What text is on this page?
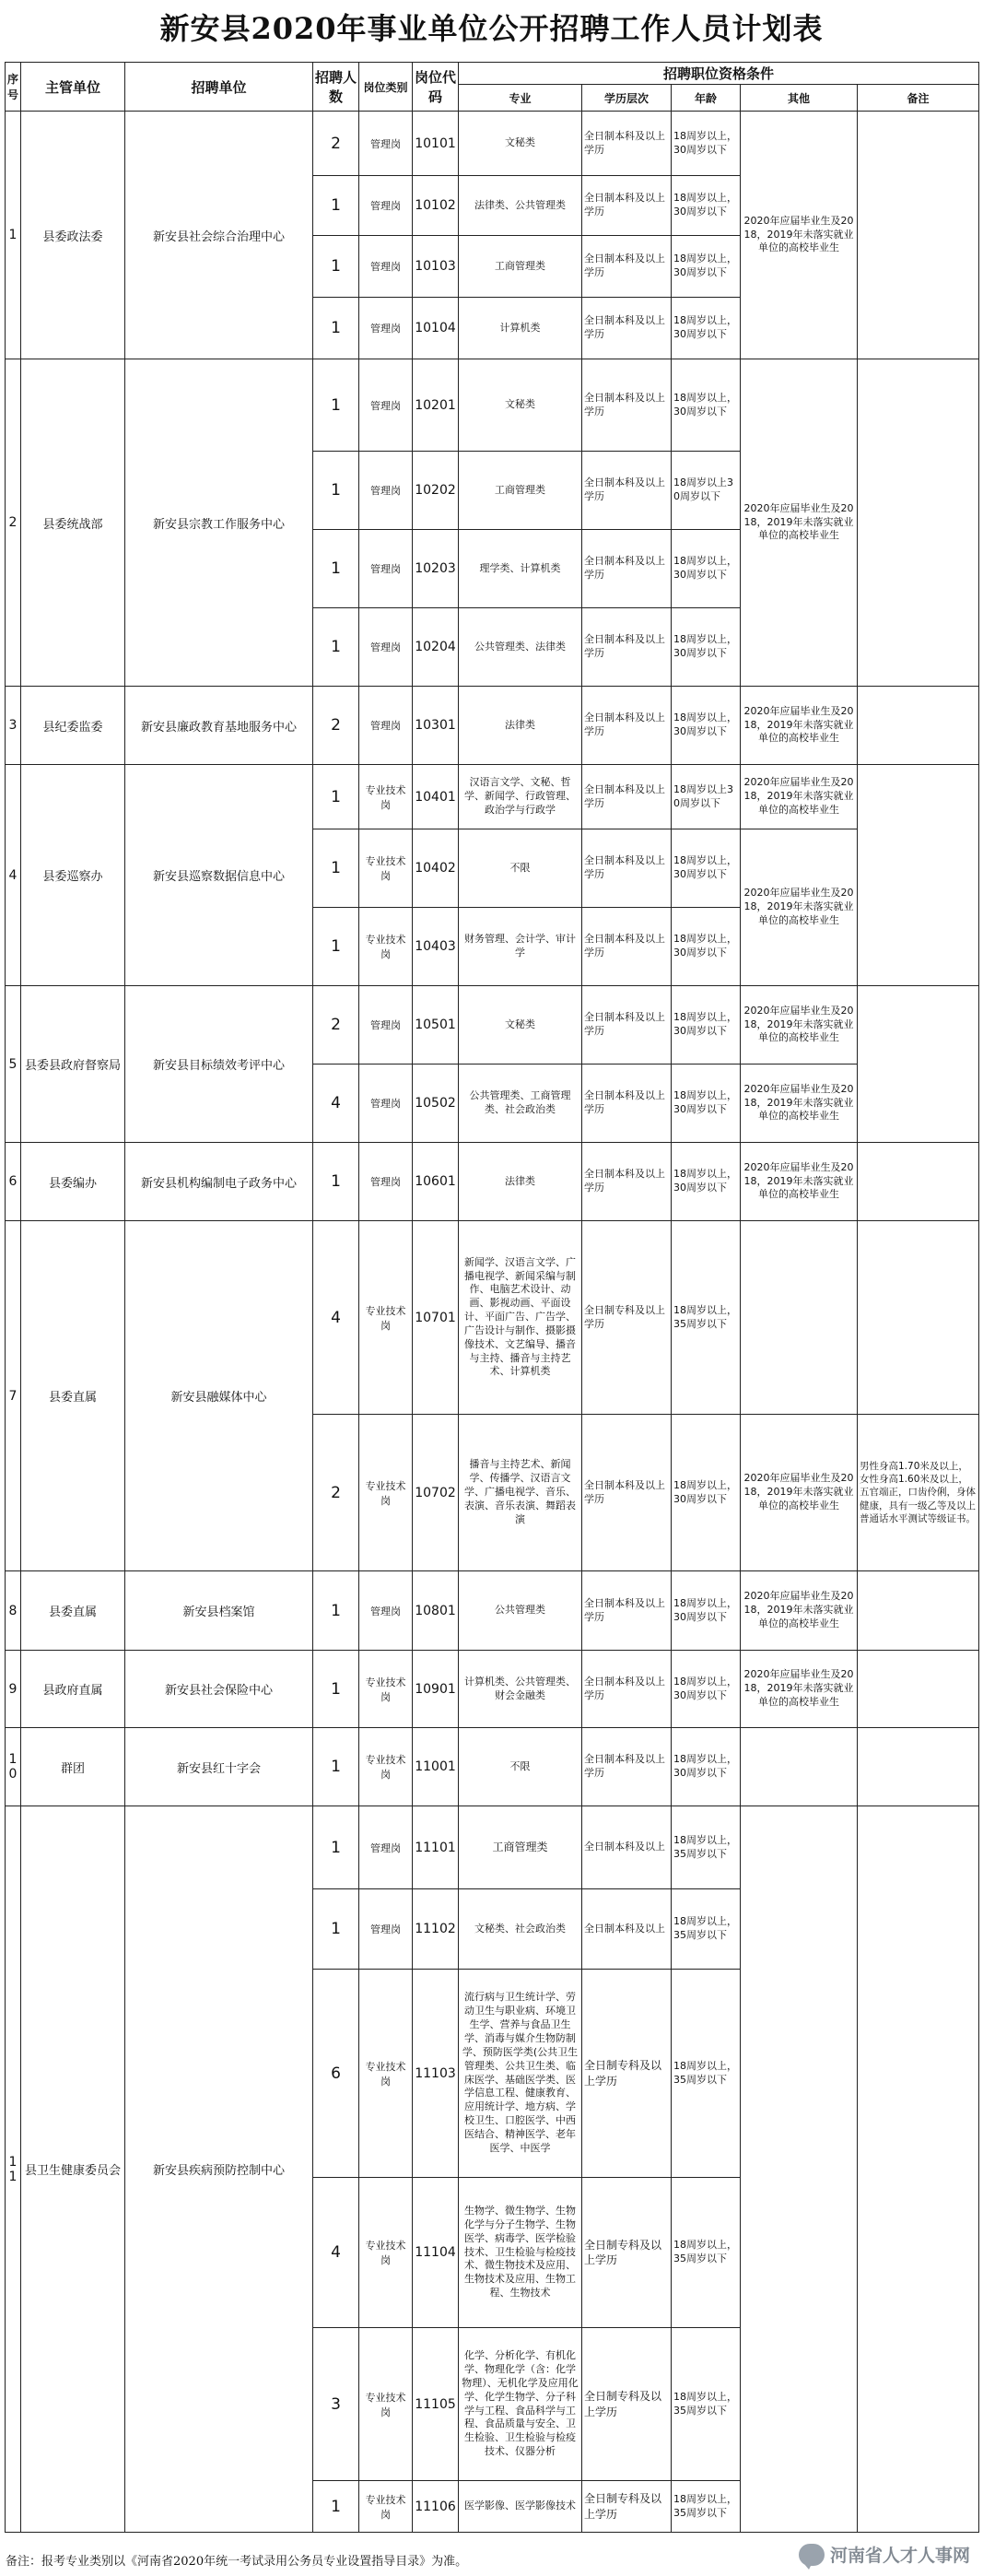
新安县2020年事业单位公开招聘工作人员计划表
序号	主管单位	招聘单位	招聘人数	岗位类别	岗位代码	招聘职位资格条件				
						专业	学历层次	年龄	其他	备注
1	县委政法委	新安县社会综合治理中心	2	管理岗	10101	文秘类	全日制本科及以上学历	18周岁以上，30周岁以下	2020年应届毕业生及2018，2019年未落实就业单位的高校毕业生	
			1	管理岗	10102	法律类、公共管理类	全日制本科及以上学历	18周岁以上，30周岁以下		
			1	管理岗	10103	工商管理类	全日制本科及以上学历	18周岁以上，30周岁以下		
			1	管理岗	10104	计算机类	全日制本科及以上学历	18周岁以上，30周岁以下		
2	县委统战部	新安县宗教工作服务中心	1	管理岗	10201	文秘类	全日制本科及以上学历	18周岁以上，30周岁以下	2020年应届毕业生及2018，2019年未落实就业单位的高校毕业生	
			1	管理岗	10202	工商管理类	全日制本科及以上学历	18周岁以上30周岁以下		
			1	管理岗	10203	理学类、计算机类	全日制本科及以上学历	18周岁以上，30周岁以下		
			1	管理岗	10204	公共管理类、法律类	全日制本科及以上学历	18周岁以上，30周岁以下		
3	县纪委监委	新安县廉政教育基地服务中心	2	管理岗	10301	法律类	全日制本科及以上学历	18周岁以上，30周岁以下	2020年应届毕业生及2018，2019年未落实就业单位的高校毕业生	
4	县委巡察办	新安县巡察数据信息中心	1	专业技术岗	10401	汉语言文学、文秘、哲学、新闻学、行政管理、政治学与行政学	全日制本科及以上学历	18周岁以上30周岁以下	2020年应届毕业生及2018，2019年未落实就业单位的高校毕业生	
			1	专业技术岗	10402	不限	全日制本科及以上学历	18周岁以上，30周岁以下	2020年应届毕业生及2018，2019年未落实就业单位的高校毕业生	
			1	专业技术岗	10403	财务管理、会计学、审计学	全日制本科及以上学历	18周岁以上，30周岁以下		
5	县委县政府督察局	新安县目标绩效考评中心	2	管理岗	10501	文秘类	全日制本科及以上学历	18周岁以上，30周岁以下	2020年应届毕业生及2018，2019年未落实就业单位的高校毕业生	
			4	管理岗	10502	公共管理类、工商管理类、社会政治类	全日制本科及以上学历	18周岁以上，30周岁以下	2020年应届毕业生及2018，2019年未落实就业单位的高校毕业生	
6	县委编办	新安县机构编制电子政务中心	1	管理岗	10601	法律类	全日制本科及以上学历	18周岁以上，30周岁以下	2020年应届毕业生及2018，2019年未落实就业单位的高校毕业生	
7	县委直属	新安县融媒体中心	4	专业技术岗	10701	新闻学、汉语言文学、广播电视学、新闻采编与制作、电脑艺术设计、动画、影视动画、平面设计、平面广告、广告学、广告设计与制作、摄影摄像技术、文艺编导、播音与主持、播音与主持艺术、计算机类	全日制专科及以上学历	18周岁以上，35周岁以下		
			2	专业技术岗	10702	播音与主持艺术、新闻学、传播学、汉语言文学、广播电视学、音乐、表演、音乐表演、舞蹈表演	全日制本科及以上学历	18周岁以上，30周岁以下	2020年应届毕业生及2018，2019年未落实就业单位的高校毕业生	男性身高1.70米及以上，女性身高1.60米及以上，五官端正，口齿伶俐，身体健康，具有一级乙等及以上普通话水平测试等级证书。
8	县委直属	新安县档案馆	1	管理岗	10801	公共管理类	全日制本科及以上学历	18周岁以上，30周岁以下	2020年应届毕业生及2018，2019年未落实就业单位的高校毕业生	
9	县政府直属	新安县社会保险中心	1	专业技术岗	10901	计算机类、公共管理类、财会金融类	全日制本科及以上学历	18周岁以上，30周岁以下	2020年应届毕业生及2018，2019年未落实就业单位的高校毕业生	
10	群团	新安县红十字会	1	专业技术岗	11001	不限	全日制本科及以上学历	18周岁以上，30周岁以下		
11	县卫生健康委员会	新安县疾病预防控制中心	1	管理岗	11101	工商管理类	全日制本科及以上	18周岁以上，35周岁以下		
			1	管理岗	11102	文秘类、社会政治类	全日制本科及以上	18周岁以上，35周岁以下		
			6	专业技术岗	11103	流行病与卫生统计学、劳动卫生与职业病、环境卫生学、营养与食品卫生学、消毒与媒介生物防制学、预防医学类(公共卫生管理类、公共卫生类、临床医学、基础医学类、医学信息工程、健康教育、应用统计学、地方病、学校卫生、口腔医学、中西医结合、精神医学、老年医学、中医学	全日制专科及以上学历	18周岁以上，35周岁以下		
			4	专业技术岗	11104	生物学、微生物学、生物化学与分子生物学、生物医学、病毒学、医学检验技术、卫生检验与检疫技术、微生物技术及应用、生物技术及应用、生物工程、生物技术	全日制专科及以上学历	18周岁以上，35周岁以下		
			3	专业技术岗	11105	化学、分析化学、有机化学、物理化学（含：化学物理）、无机化学及应用化学、化学生物学、分子科学与工程、食品科学与工程、食品质量与安全、卫生检验、卫生检验与检疫技术、仪器分析	全日制专科及以上学历	18周岁以上，35周岁以下		
			1	专业技术岗	11106	医学影像、医学影像技术	全日制专科及以上学历	18周岁以上，35周岁以下		
备注：报考专业类别以《河南省2020年统一考试录用公务员专业设置指导目录》为准。	河南省人才人事网
